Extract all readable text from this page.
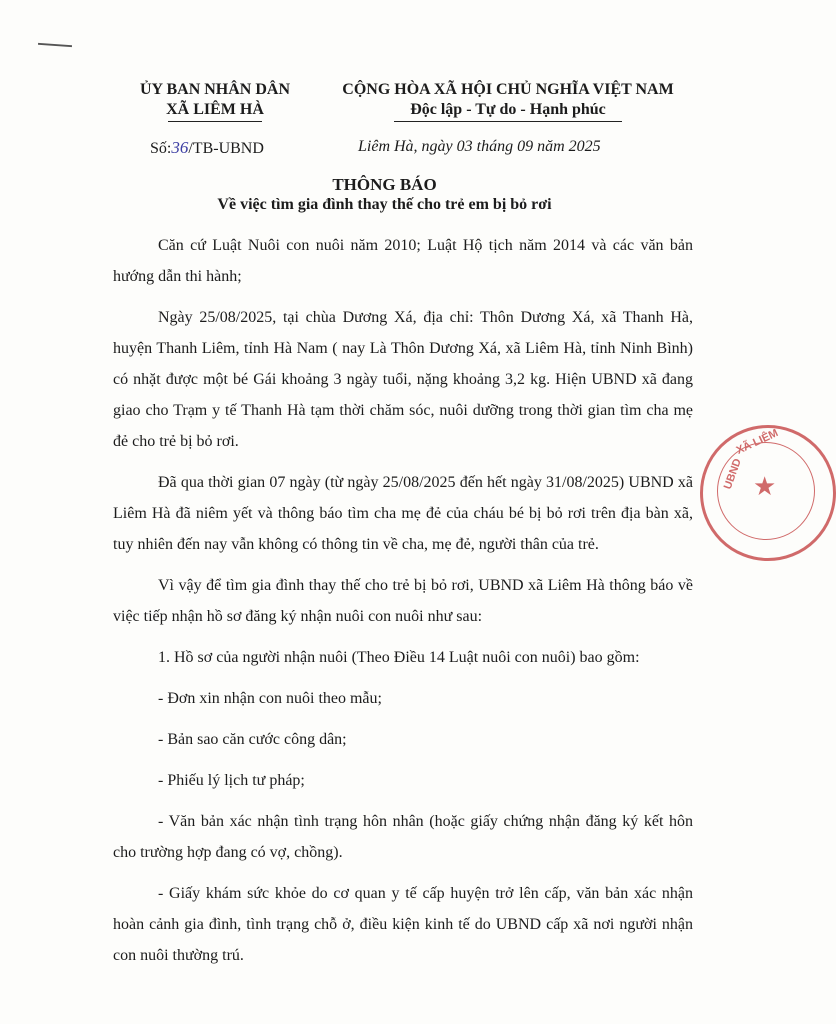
ỦY BAN NHÂN DÂN
XÃ LIÊM HÀ
CỘNG HÒA XÃ HỘI CHỦ NGHĨA VIỆT NAM
Độc lập - Tự do - Hạnh phúc
Số:36/TB-UBND	Liêm Hà, ngày 03 tháng 09 năm 2025
THÔNG BÁO
Về việc tìm gia đình thay thế cho trẻ em bị bỏ rơi

Căn cứ Luật Nuôi con nuôi năm 2010; Luật Hộ tịch năm 2014 và các văn bản hướng dẫn thi hành;

Ngày 25/08/2025, tại chùa Dương Xá, địa chỉ: Thôn Dương Xá, xã Thanh Hà, huyện Thanh Liêm, tỉnh Hà Nam ( nay Là Thôn Dương Xá, xã Liêm Hà, tỉnh Ninh Bình) có nhặt được một bé Gái khoảng 3 ngày tuổi, nặng khoảng 3,2 kg. Hiện UBND xã đang giao cho Trạm y tế Thanh Hà tạm thời chăm sóc, nuôi dưỡng trong thời gian tìm cha mẹ đẻ cho trẻ bị bỏ rơi.

Đã qua thời gian 07 ngày (từ ngày 25/08/2025 đến hết ngày 31/08/2025) UBND xã Liêm Hà đã niêm yết và thông báo tìm cha mẹ đẻ của cháu bé bị bỏ rơi trên địa bàn xã, tuy nhiên đến nay vẫn không có thông tin về cha, mẹ đẻ, người thân của trẻ.

Vì vậy để tìm gia đình thay thế cho trẻ bị bỏ rơi, UBND xã Liêm Hà thông báo về việc tiếp nhận hồ sơ đăng ký nhận nuôi con nuôi như sau:

1. Hồ sơ của người nhận nuôi (Theo Điều 14 Luật nuôi con nuôi) bao gồm:

- Đơn xin nhận con nuôi theo mẫu;

- Bản sao căn cước công dân;

- Phiếu lý lịch tư pháp;

- Văn bản xác nhận tình trạng hôn nhân (hoặc giấy chứng nhận đăng ký kết hôn cho trường hợp đang có vợ, chồng).

- Giấy khám sức khỏe do cơ quan y tế cấp huyện trở lên cấp, văn bản xác nhận hoàn cảnh gia đình, tình trạng chỗ ở, điều kiện kinh tế do UBND cấp xã nơi người nhận con nuôi thường trú.

UBND
XÃ LIÊM
★
